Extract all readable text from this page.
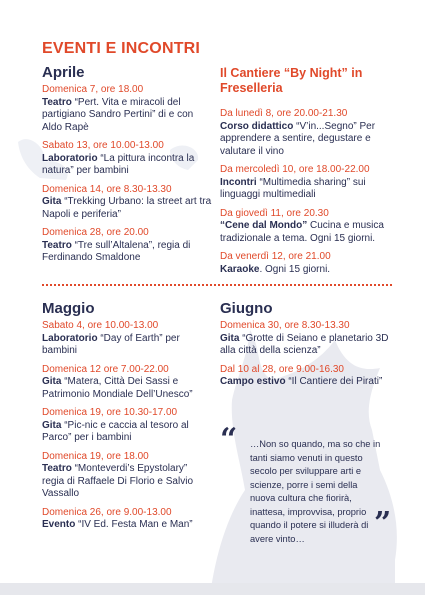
EVENTI E INCONTRI
Aprile
Domenica 7, ore 18.00
Teatro “Pert. Vita e miracoli del partigiano Sandro Pertini” di e con Aldo Rapè
Sabato 13, ore 10.00-13.00
Laboratorio “La pittura incontra la natura” per bambini
Domenica 14, ore 8.30-13.30
Gita “Trekking Urbano: la street art tra Napoli e periferia”
Domenica 28, ore 20.00
Teatro “Tre sull’Altalena”, regia di Ferdinando Smaldone
Il Cantiere “By Night” in Freselleria
Da lunedì 8, ore 20.00-21.30
Corso didattico “V’in...Segno” Per apprendere a sentire, degustare e valutare il vino
Da mercoledì 10, ore 18.00-22.00
Incontri “Multimedia sharing” sui linguaggi multimediali
Da giovedì 11, ore 20.30
“Cene dal Mondo” Cucina e musica tradizionale a tema. Ogni 15 giorni.
Da venerdì 12, ore 21.00
Karaoke. Ogni 15 giorni.
Maggio
Sabato 4, ore 10.00-13.00
Laboratorio “Day of Earth” per bambini
Domenica 12 ore 7.00-22.00
Gita “Matera, Città Dei Sassi e Patrimonio Mondiale Dell’Unesco”
Domenica 19, ore 10.30-17.00
Gita “Pic-nic e caccia al tesoro al Parco” per i bambini
Domenica 19, ore 18.00
Teatro “Monteverdi’s Epystolary” regia di Raffaele Di Florio e Salvio Vassallo
Domenica 26, ore 9.00-13.00
Evento “IV Ed. Festa Man e Man”
Giugno
Domenica 30, ore 8.30-13.30
Gita “Grotte di Seiano e planetario 3D alla città della scienza”
Dal 10 al 28, ore 9.00-16.30
Campo estivo “Il Cantiere dei Pirati”
“ …Non so quando, ma so che in tanti siamo venuti in questo secolo per sviluppare arti e scienze, porre i semi della nuova cultura che fiorirà, inattesa, improvvisa, proprio quando il potere si illuderà di avere vinto…	”
